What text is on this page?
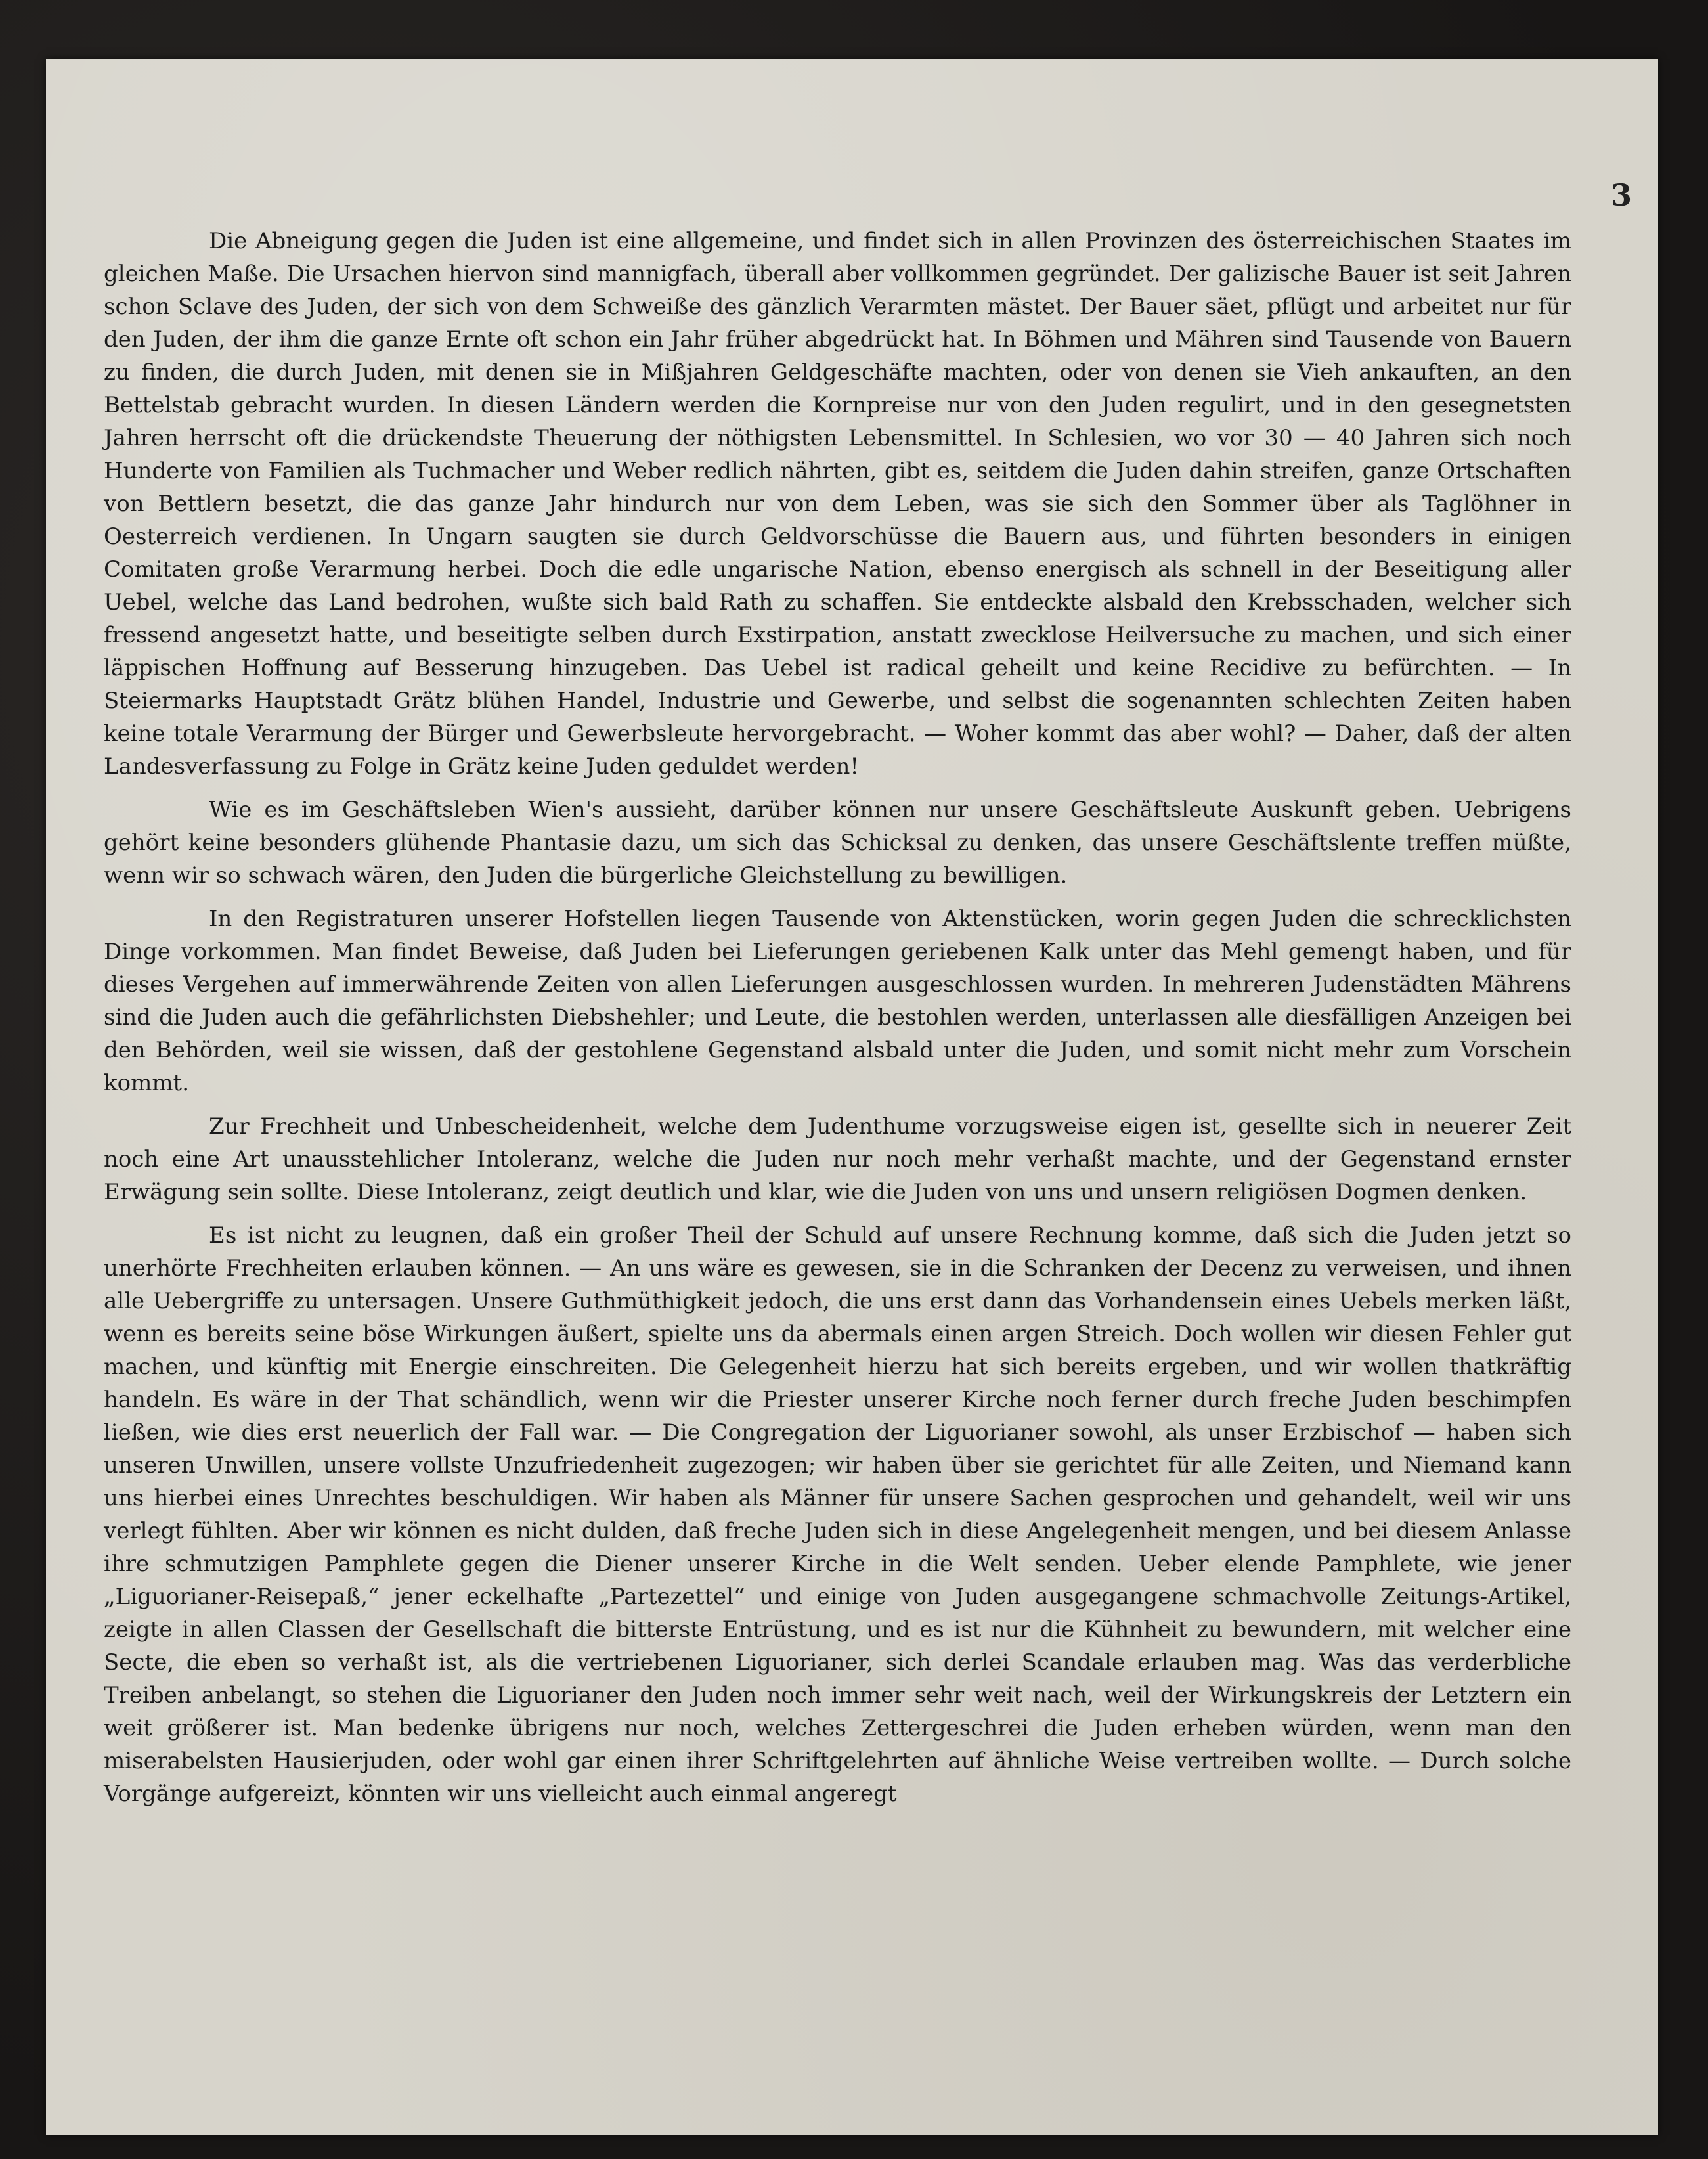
3

Die Abneigung gegen die Juden ist eine allgemeine, und findet sich in allen Provinzen des österreichischen Staates im gleichen Maße. Die Ursachen hiervon sind mannigfach, überall aber vollkommen gegründet. Der galizische Bauer ist seit Jahren schon Sclave des Juden, der sich von dem Schweiße des gänzlich Verarmten mästet. Der Bauer säet, pflügt und arbeitet nur für den Juden, der ihm die ganze Ernte oft schon ein Jahr früher abgedrückt hat. In Böhmen und Mähren sind Tausende von Bauern zu finden, die durch Juden, mit denen sie in Mißjahren Geldgeschäfte machten, oder von denen sie Vieh ankauften, an den Bettelstab gebracht wurden. In diesen Ländern werden die Kornpreise nur von den Juden regulirt, und in den gesegnetsten Jahren herrscht oft die drückendste Theuerung der nöthigsten Lebensmittel. In Schlesien, wo vor 30 — 40 Jahren sich noch Hunderte von Familien als Tuchmacher und Weber redlich nährten, gibt es, seitdem die Juden dahin streifen, ganze Ortschaften von Bettlern besetzt, die das ganze Jahr hindurch nur von dem Leben, was sie sich den Sommer über als Taglöhner in Oesterreich verdienen. In Ungarn saugten sie durch Geldvorschüsse die Bauern aus, und führten besonders in einigen Comitaten große Verarmung herbei. Doch die edle ungarische Nation, ebenso energisch als schnell in der Beseitigung aller Uebel, welche das Land bedrohen, wußte sich bald Rath zu schaffen. Sie entdeckte alsbald den Krebsschaden, welcher sich fressend angesetzt hatte, und beseitigte selben durch Exstirpation, anstatt zwecklose Heilversuche zu machen, und sich einer läppischen Hoffnung auf Besserung hinzugeben. Das Uebel ist radical geheilt und keine Recidive zu befürchten. — In Steiermarks Hauptstadt Grätz blühen Handel, Industrie und Gewerbe, und selbst die sogenannten schlechten Zeiten haben keine totale Verarmung der Bürger und Gewerbsleute hervorgebracht. — Woher kommt das aber wohl? — Daher, daß der alten Landesverfassung zu Folge in Grätz keine Juden geduldet werden!

Wie es im Geschäftsleben Wien's aussieht, darüber können nur unsere Geschäftsleute Auskunft geben. Uebrigens gehört keine besonders glühende Phantasie dazu, um sich das Schicksal zu denken, das unsere Geschäftslente treffen müßte, wenn wir so schwach wären, den Juden die bürgerliche Gleichstellung zu bewilligen.

In den Registraturen unserer Hofstellen liegen Tausende von Aktenstücken, worin gegen Juden die schrecklichsten Dinge vorkommen. Man findet Beweise, daß Juden bei Lieferungen geriebenen Kalk unter das Mehl gemengt haben, und für dieses Vergehen auf immerwährende Zeiten von allen Lieferungen ausgeschlossen wurden. In mehreren Judenstädten Mährens sind die Juden auch die gefährlichsten Diebshehler; und Leute, die bestohlen werden, unterlassen alle diesfälligen Anzeigen bei den Behörden, weil sie wissen, daß der gestohlene Gegenstand alsbald unter die Juden, und somit nicht mehr zum Vorschein kommt.

Zur Frechheit und Unbescheidenheit, welche dem Judenthume vorzugsweise eigen ist, gesellte sich in neuerer Zeit noch eine Art unausstehlicher Intoleranz, welche die Juden nur noch mehr verhaßt machte, und der Gegenstand ernster Erwägung sein sollte. Diese Intoleranz, zeigt deutlich und klar, wie die Juden von uns und unsern religiösen Dogmen denken.

Es ist nicht zu leugnen, daß ein großer Theil der Schuld auf unsere Rechnung komme, daß sich die Juden jetzt so unerhörte Frechheiten erlauben können. — An uns wäre es gewesen, sie in die Schranken der Decenz zu verweisen, und ihnen alle Uebergriffe zu untersagen. Unsere Guthmüthigkeit jedoch, die uns erst dann das Vorhandensein eines Uebels merken läßt, wenn es bereits seine böse Wirkungen äußert, spielte uns da abermals einen argen Streich. Doch wollen wir diesen Fehler gut machen, und künftig mit Energie einschreiten. Die Gelegenheit hierzu hat sich bereits ergeben, und wir wollen thatkräftig handeln. Es wäre in der That schändlich, wenn wir die Priester unserer Kirche noch ferner durch freche Juden beschimpfen ließen, wie dies erst neuerlich der Fall war. — Die Congregation der Liguorianer sowohl, als unser Erzbischof — haben sich unseren Unwillen, unsere vollste Unzufriedenheit zugezogen; wir haben über sie gerichtet für alle Zeiten, und Niemand kann uns hierbei eines Unrechtes beschuldigen. Wir haben als Männer für unsere Sachen gesprochen und gehandelt, weil wir uns verlegt fühlten. Aber wir können es nicht dulden, daß freche Juden sich in diese Angelegenheit mengen, und bei diesem Anlasse ihre schmutzigen Pamphlete gegen die Diener unserer Kirche in die Welt senden. Ueber elende Pamphlete, wie jener „Liguorianer-Reisepaß,“ jener eckelhafte „Partezettel“ und einige von Juden ausgegangene schmachvolle Zeitungs-Artikel, zeigte in allen Classen der Gesellschaft die bitterste Entrüstung, und es ist nur die Kühnheit zu bewundern, mit welcher eine Secte, die eben so verhaßt ist, als die vertriebenen Liguorianer, sich derlei Scandale erlauben mag. Was das verderbliche Treiben anbelangt, so stehen die Liguorianer den Juden noch immer sehr weit nach, weil der Wirkungskreis der Letztern ein weit größerer ist. Man bedenke übrigens nur noch, welches Zettergeschrei die Juden erheben würden, wenn man den miserabelsten Hausierjuden, oder wohl gar einen ihrer Schriftgelehrten auf ähnliche Weise vertreiben wollte. — Durch solche Vorgänge aufgereizt, könnten wir uns vielleicht auch einmal angeregt
